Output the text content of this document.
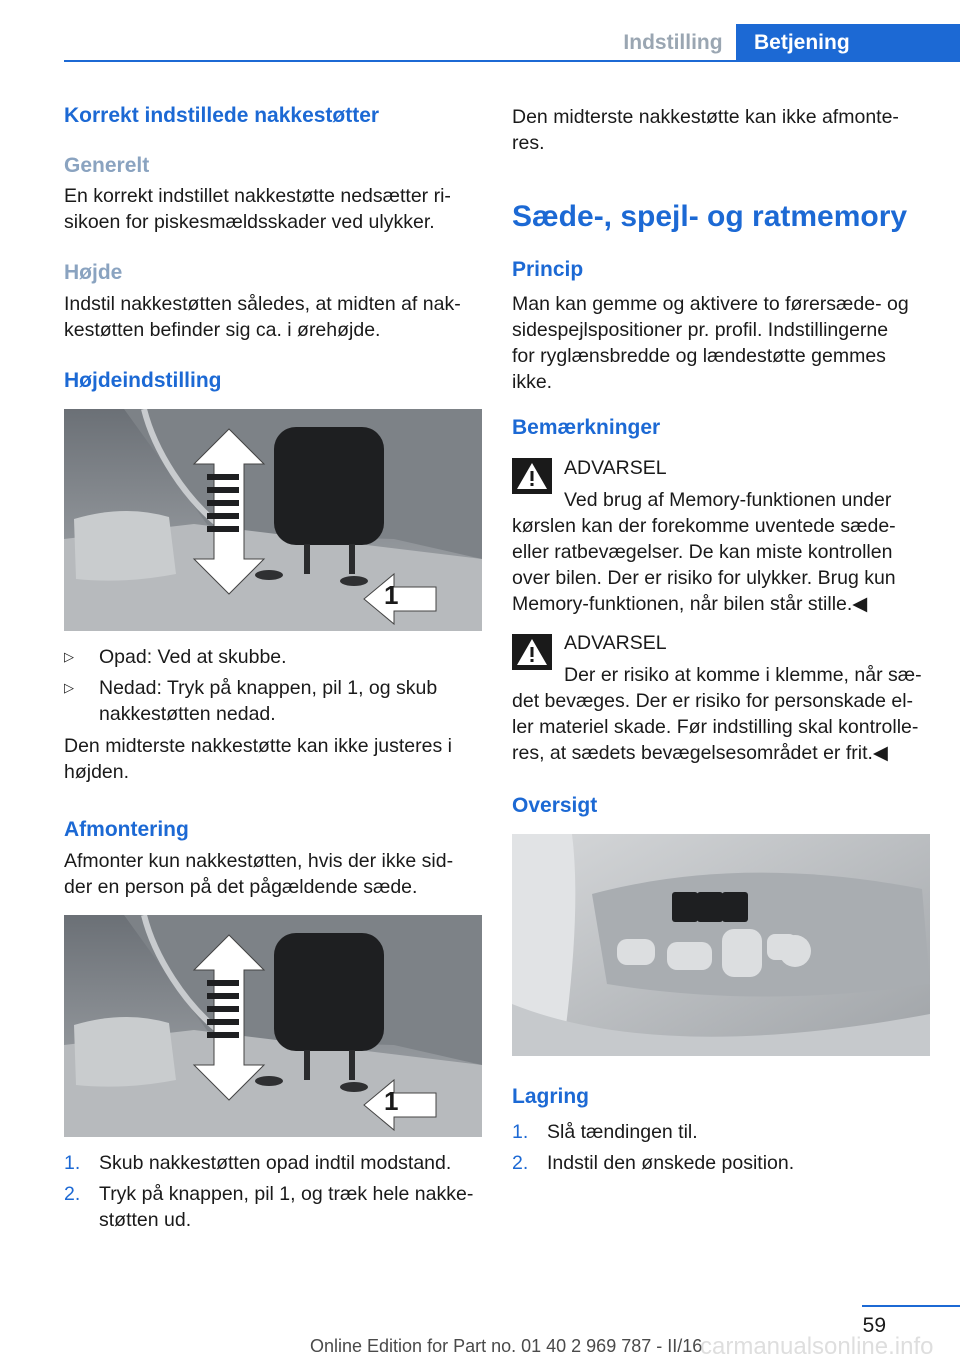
Indstilling	Betjening
Korrekt indstillede nakkestøtter
Generelt

En korrekt indstillet nakkestøtte nedsætter ri-

sikoen for piskesmældsskader ved ulykker.

Højde

Indstil nakkestøtten således, at midten af nak-

kestøtten befinder sig ca. i ørehøjde.

Højdeindstilling
1
▷ Opad: Ved at skubbe.
▷ Nedad: Tryk på knappen, pil 1, og skub
nakkestøtten nedad.

Den midterste nakkestøtte kan ikke justeres i

højden.

Afmontering

Afmonter kun nakkestøtten, hvis der ikke sid-

der en person på det pågældende sæde.

1
1. Skub nakkestøtten opad indtil modstand.
2. Tryk på knappen, pil 1, og træk hele nakke-
støtten ud.

Den midterste nakkestøtte kan ikke afmonte-

res.

Sæde-, spejl- og ratmemory
Princip

Man kan gemme og aktivere to førersæde- og

sidespejlspositioner pr. profil. Indstillingerne

for ryglænsbredde og lændestøtte gemmes

ikke.

Bemærkninger

ADVARSEL

Ved brug af Memory-funktionen under

kørslen kan der forekomme uventede sæde-

eller ratbevægelser. De kan miste kontrollen

over bilen. Der er risiko for ulykker. Brug kun

Memory-funktionen, når bilen står stille.◀

ADVARSEL

Der er risiko at komme i klemme, når sæ-

det bevæges. Der er risiko for personskade el-

ler materiel skade. Før indstilling skal kontrolle-

res, at sædets bevægelsesområdet er frit.◀

Oversigt
Lagring
1. Slå tændingen til.
2. Indstil den ønskede position.
59
Online Edition for Part no. 01 40 2 969 787 - II/16
carmanualsonline.info
